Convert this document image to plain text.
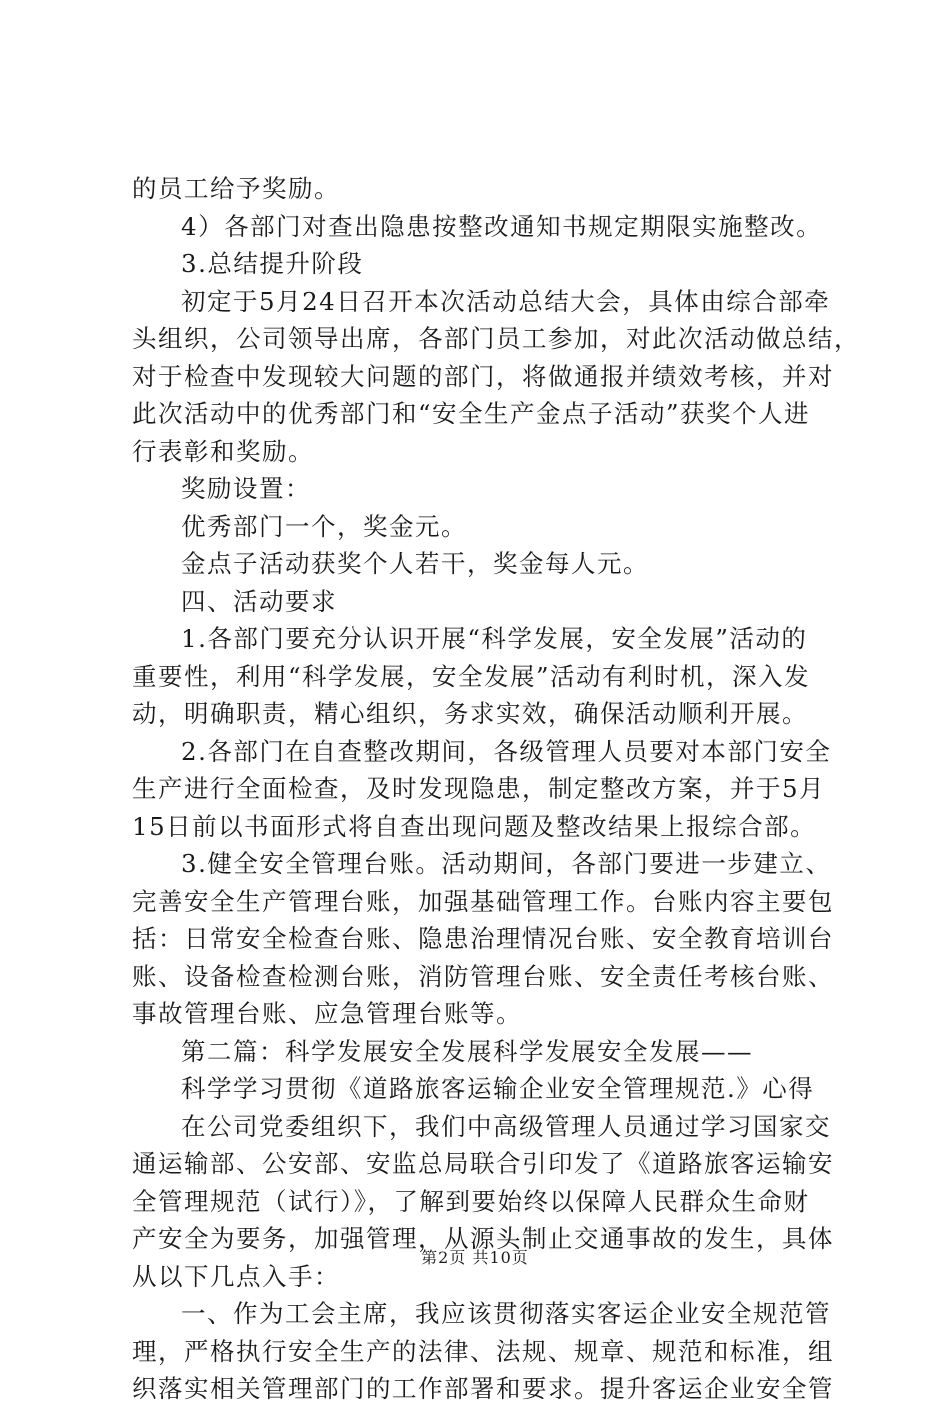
的员工给予奖励。
4）各部门对查出隐患按整改通知书规定期限实施整改。
3.总结提升阶段
初定于5月24日召开本次活动总结大会，具体由综合部牵
头组织，公司领导出席，各部门员工参加，对此次活动做总结，
对于检查中发现较大问题的部门，将做通报并绩效考核，并对
此次活动中的优秀部门和“安全生产金点子活动”获奖个人进
行表彰和奖励。
奖励设置：
优秀部门一个，奖金元。
金点子活动获奖个人若干，奖金每人元。
四、活动要求
1.各部门要充分认识开展“科学发展，安全发展”活动的
重要性，利用“科学发展，安全发展”活动有利时机，深入发
动，明确职责，精心组织，务求实效，确保活动顺利开展。
2.各部门在自查整改期间，各级管理人员要对本部门安全
生产进行全面检查，及时发现隐患，制定整改方案，并于5月
15日前以书面形式将自查出现问题及整改结果上报综合部。
3.健全安全管理台账。活动期间，各部门要进一步建立、
完善安全生产管理台账，加强基础管理工作。台账内容主要包
括：日常安全检查台账、隐患治理情况台账、安全教育培训台
账、设备检查检测台账，消防管理台账、安全责任考核台账、
事故管理台账、应急管理台账等。
第二篇：科学发展安全发展科学发展安全发展——
科学学习贯彻《道路旅客运输企业安全管理规范.》心得
在公司党委组织下，我们中高级管理人员通过学习国家交
通运输部、公安部、安监总局联合引印发了《道路旅客运输安
全管理规范（试行）》，了解到要始终以保障人民群众生命财
产安全为要务，加强管理，从源头制止交通事故的发生，具体
从以下几点入手：
一、作为工会主席，我应该贯彻落实客运企业安全规范管
理，严格执行安全生产的法律、法规、规章、规范和标准，组
织落实相关管理部门的工作部署和要求。提升客运企业安全管
第2页 共10页
